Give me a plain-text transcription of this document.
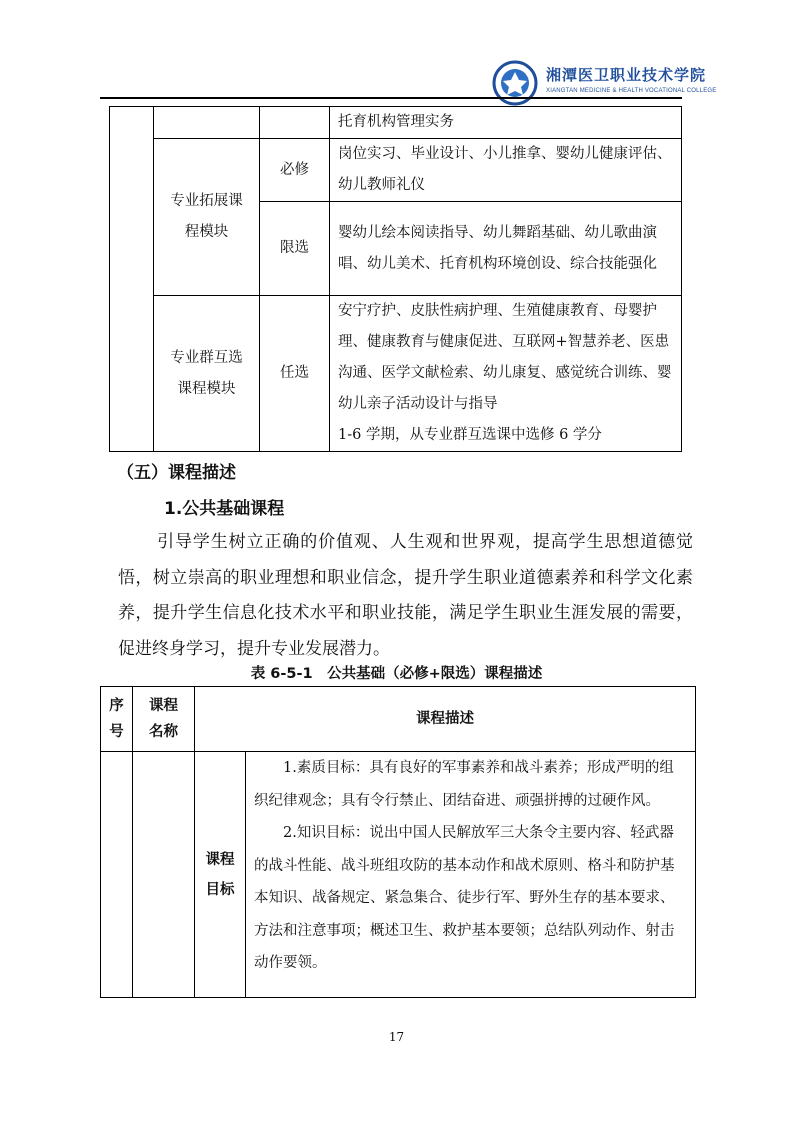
湘潭医卫职业技术学院
XIANGTAN MEDICINE & HEALTH VOCATIONAL COLLEGE
			托育机构管理实务
	专业拓展课程模块	必修	岗位实习、毕业设计、小儿推拿、婴幼儿健康评估、幼儿教师礼仪
		限选	婴幼儿绘本阅读指导、幼儿舞蹈基础、幼儿歌曲演唱、幼儿美术、托育机构环境创设、综合技能强化
	专业群互选课程模块	任选	安宁疗护、皮肤性病护理、生殖健康教育、母婴护理、健康教育与健康促进、互联网+智慧养老、医患沟通、医学文献检索、幼儿康复、感觉统合训练、婴幼儿亲子活动设计与指导
1-6 学期，从专业群互选课中选修 6 学分
（五）课程描述
1.公共基础课程
引导学生树立正确的价值观、人生观和世界观，提高学生思想道德觉悟，树立崇高的职业理想和职业信念，提升学生职业道德素养和科学文化素养，提升学生信息化技术水平和职业技能，满足学生职业生涯发展的需要，促进终身学习，提升专业发展潜力。
表 6-5-1　公共基础（必修+限选）课程描述
序号	课程名称	课程描述	
		课程目标	1.素质目标：具有良好的军事素养和战斗素养；形成严明的组织纪律观念；具有令行禁止、团结奋进、顽强拼搏的过硬作风。

2.知识目标：说出中国人民解放军三大条令主要内容、轻武器的战斗性能、战斗班组攻防的基本动作和战术原则、格斗和防护基本知识、战备规定、紧急集合、徒步行军、野外生存的基本要求、方法和注意事项；概述卫生、救护基本要领；总结队列动作、射击动作要领。

17
